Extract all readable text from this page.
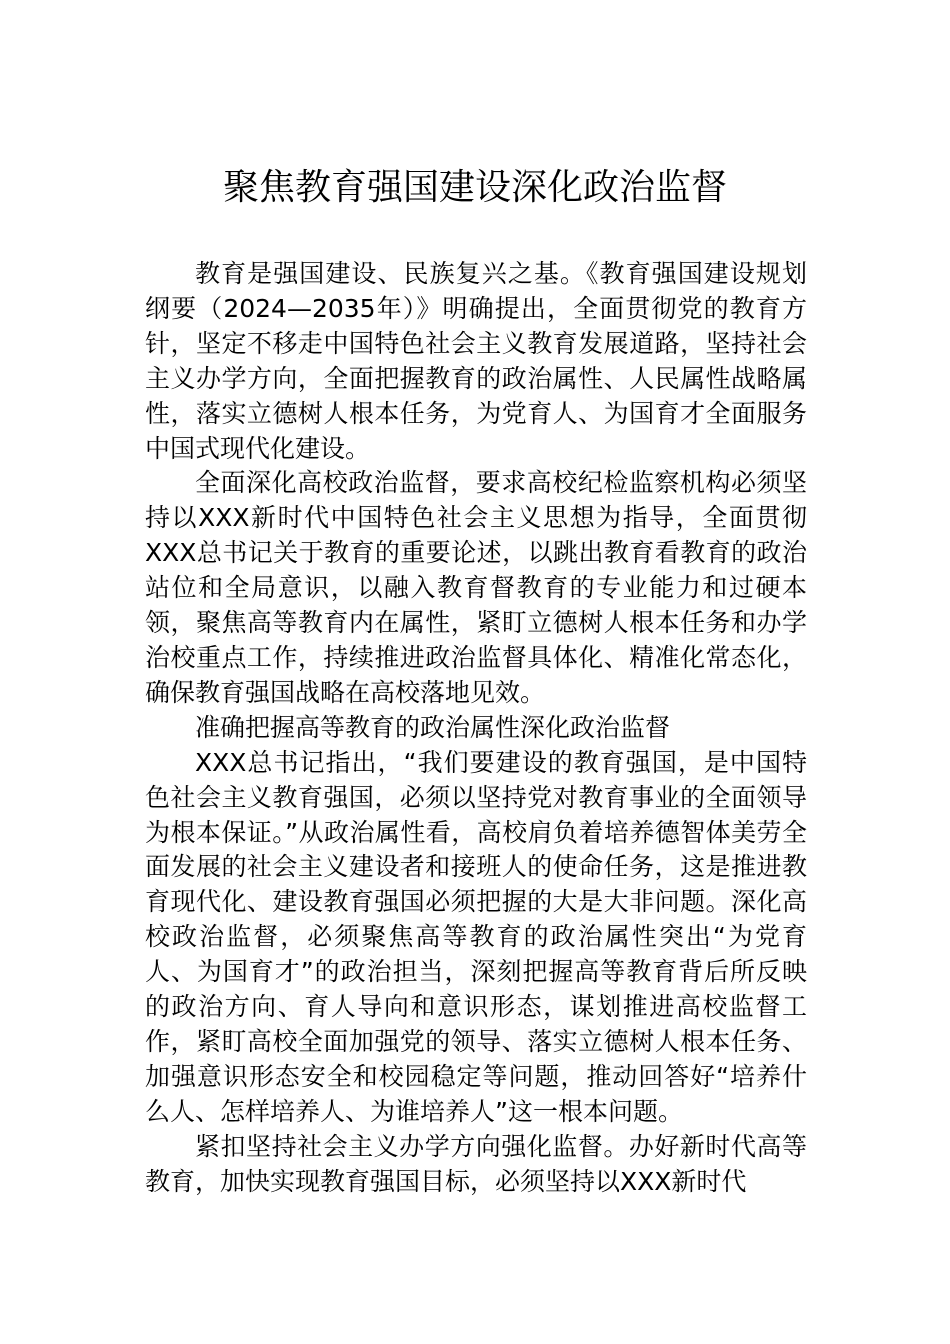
聚焦教育强国建设深化政治监督

教育是强国建设、民族复兴之基。《教育强国建设规划纲要（2024—2035年）》明确提出，全面贯彻党的教育方针，坚定不移走中国特色社会主义教育发展道路，坚持社会主义办学方向，全面把握教育的政治属性、人民属性战略属性，落实立德树人根本任务，为党育人、为国育才全面服务中国式现代化建设。

全面深化高校政治监督，要求高校纪检监察机构必须坚持以XXX新时代中国特色社会主义思想为指导，全面贯彻XXX总书记关于教育的重要论述，以跳出教育看教育的政治站位和全局意识，以融入教育督教育的专业能力和过硬本领，聚焦高等教育内在属性，紧盯立德树人根本任务和办学治校重点工作，持续推进政治监督具体化、精准化常态化，确保教育强国战略在高校落地见效。

准确把握高等教育的政治属性深化政治监督

XXX总书记指出，“我们要建设的教育强国，是中国特色社会主义教育强国，必须以坚持党对教育事业的全面领导为根本保证。”从政治属性看，高校肩负着培养德智体美劳全面发展的社会主义建设者和接班人的使命任务，这是推进教育现代化、建设教育强国必须把握的大是大非问题。深化高校政治监督，必须聚焦高等教育的政治属性突出“为党育人、为国育才”的政治担当，深刻把握高等教育背后所反映的政治方向、育人导向和意识形态，谋划推进高校监督工作，紧盯高校全面加强党的领导、落实立德树人根本任务、加强意识形态安全和校园稳定等问题，推动回答好“培养什么人、怎样培养人、为谁培养人”这一根本问题。

紧扣坚持社会主义办学方向强化监督。办好新时代高等教育，加快实现教育强国目标，必须坚持以XXX新时代
